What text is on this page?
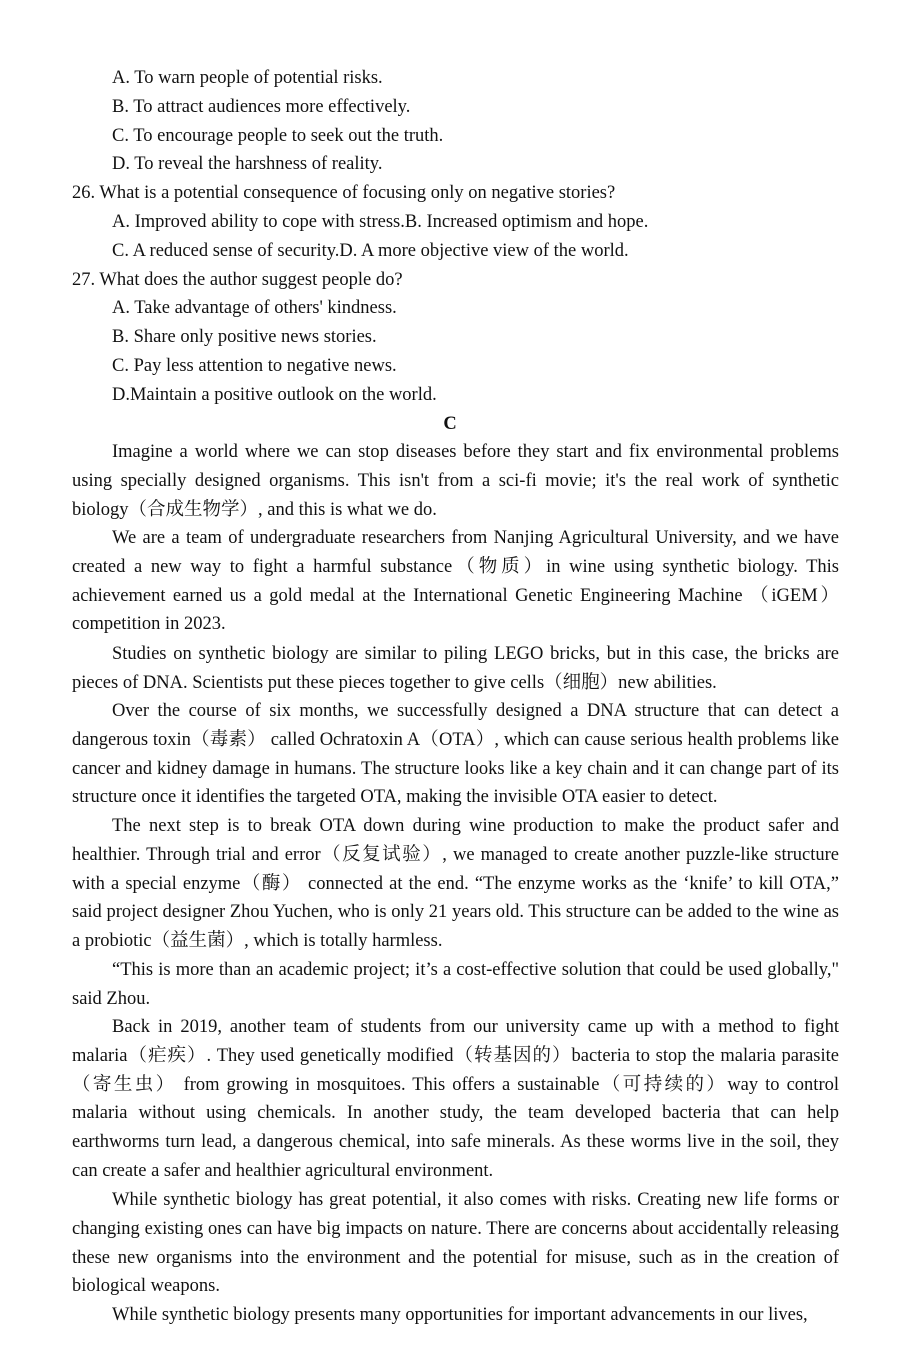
A. To warn people of potential risks.
B. To attract audiences more effectively.
C. To encourage people to seek out the truth.
D. To reveal the harshness of reality.
26. What is a potential consequence of focusing only on negative stories?
A. Improved ability to cope with stress.B. Increased optimism and hope.
C. A reduced sense of security.D. A more objective view of the world.
27. What does the author suggest people do?
A. Take advantage of others' kindness.
B. Share only positive news stories.
C. Pay less attention to negative news.
D.Maintain a positive outlook on the world.
C

Imagine a world where we can stop diseases before they start and fix environmental problems using specially designed organisms. This isn't from a sci-fi movie; it's the real work of synthetic biology（合成生物学）, and this is what we do.

We are a team of undergraduate researchers from Nanjing Agricultural University, and we have created a new way to fight a harmful substance（物质）in wine using synthetic biology. This achievement earned us a gold medal at the International Genetic Engineering Machine （iGEM） competition in 2023.

Studies on synthetic biology are similar to piling LEGO bricks, but in this case, the bricks are pieces of DNA. Scientists put these pieces together to give cells（细胞）new abilities.

Over the course of six months, we successfully designed a DNA structure that can detect a dangerous toxin（毒素） called Ochratoxin A（OTA）, which can cause serious health problems like cancer and kidney damage in humans. The structure looks like a key chain and it can change part of its structure once it identifies the targeted OTA, making the invisible OTA easier to detect.

The next step is to break OTA down during wine production to make the product safer and healthier. Through trial and error（反复试验）, we managed to create another puzzle-like structure with a special enzyme（酶） connected at the end. “The enzyme works as the ‘knife’ to kill OTA,” said project designer Zhou Yuchen, who is only 21 years old. This structure can be added to the wine as a probiotic（益生菌）, which is totally harmless.

“This is more than an academic project; it’s a cost-effective solution that could be used globally," said Zhou.

Back in 2019, another team of students from our university came up with a method to fight malaria（疟疾）. They used genetically modified（转基因的）bacteria to stop the malaria parasite （寄生虫） from growing in mosquitoes. This offers a sustainable（可持续的）way to control malaria without using chemicals. In another study, the team developed bacteria that can help earthworms turn lead, a dangerous chemical, into safe minerals. As these worms live in the soil, they can create a safer and healthier agricultural environment.

While synthetic biology has great potential, it also comes with risks. Creating new life forms or changing existing ones can have big impacts on nature. There are concerns about accidentally releasing these new organisms into the environment and the potential for misuse, such as in the creation of biological weapons.

While synthetic biology presents many opportunities for important advancements in our lives,
